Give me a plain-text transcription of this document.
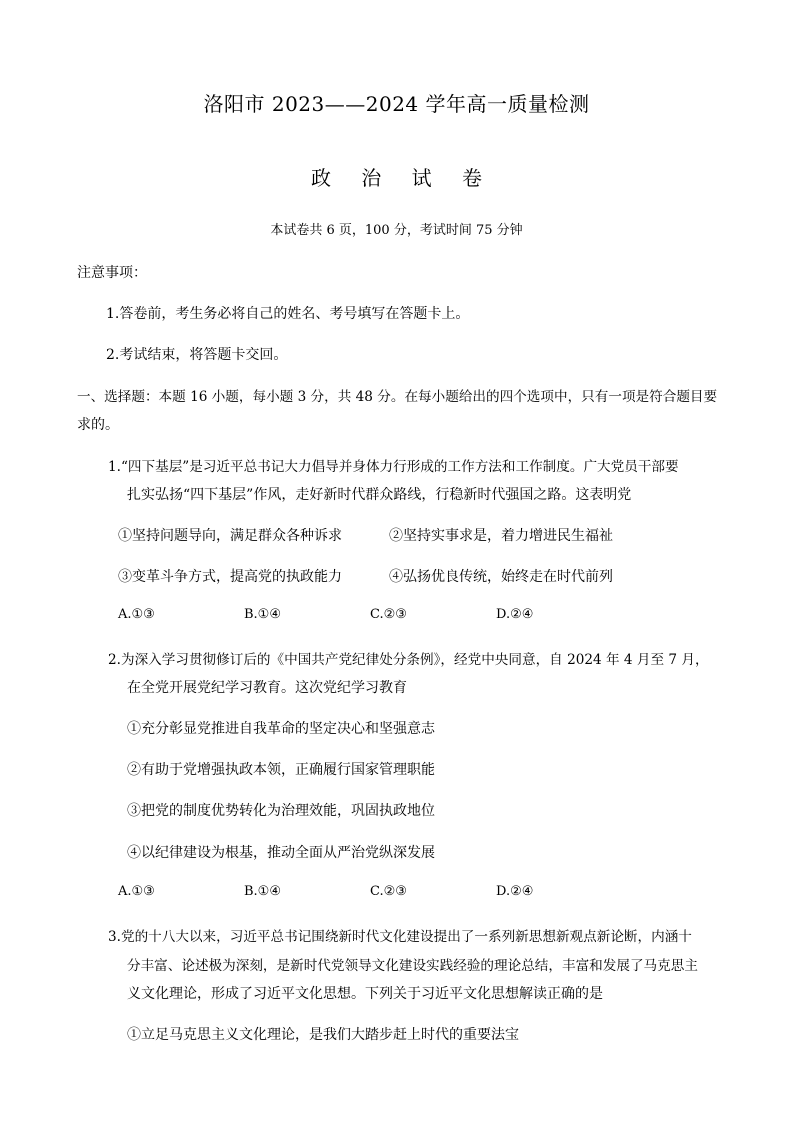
洛阳市 2023——2024 学年高一质量检测
政 治 试 卷
本试卷共 6 页，100 分，考试时间 75 分钟
注意事项：
1.答卷前，考生务必将自己的姓名、考号填写在答题卡上。
2.考试结束，将答题卡交回。
一、选择题：本题 16 小题，每小题 3 分，共 48 分。在每小题给出的四个选项中，只有一项是符合题目要
求的。
1.“四下基层”是习近平总书记大力倡导并身体力行形成的工作方法和工作制度。广大党员干部要
扎实弘扬“四下基层”作风，走好新时代群众路线，行稳新时代强国之路。这表明党
①坚持问题导向，满足群众各种诉求	②坚持实事求是，着力增进民生福祉
③变革斗争方式，提高党的执政能力	④弘扬优良传统，始终走在时代前列
A.①③	B.①④	C.②③	D.②④
2.为深入学习贯彻修订后的《中国共产党纪律处分条例》，经党中央同意，自 2024 年 4 月至 7 月，
在全党开展党纪学习教育。这次党纪学习教育
①充分彰显党推进自我革命的坚定决心和坚强意志
②有助于党增强执政本领，正确履行国家管理职能
③把党的制度优势转化为治理效能，巩固执政地位
④以纪律建设为根基，推动全面从严治党纵深发展
A.①③	B.①④	C.②③	D.②④
3.党的十八大以来，习近平总书记围绕新时代文化建设提出了一系列新思想新观点新论断，内涵十
分丰富、论述极为深刻，是新时代党领导文化建设实践经验的理论总结，丰富和发展了马克思主
义文化理论，形成了习近平文化思想。下列关于习近平文化思想解读正确的是
①立足马克思主义文化理论，是我们大踏步赶上时代的重要法宝
